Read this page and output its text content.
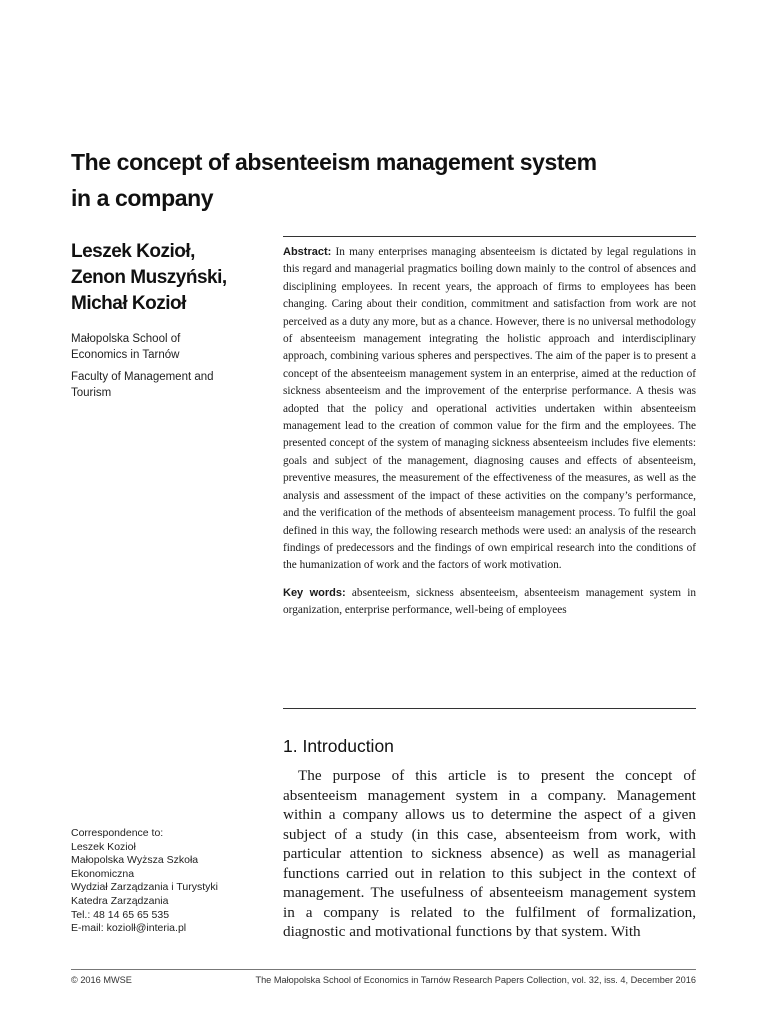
The concept of absenteeism management system
in a company
Leszek Kozioł,
Zenon Muszyński,
Michał Kozioł
Małopolska School of
Economics in Tarnów
Faculty of Management and
Tourism
Abstract: In many enterprises managing absenteeism is dictated by legal regulations in this regard and managerial pragmatics boiling down mainly to the control of absences and disciplining employees. In recent years, the approach of firms to employees has been changing. Caring about their condition, commitment and satisfaction from work are not perceived as a duty any more, but as a chance. However, there is no universal methodology of absenteeism management integrating the holistic approach and interdisciplinary approach, combining various spheres and perspectives. The aim of the paper is to present a concept of the absenteeism management system in an enterprise, aimed at the reduction of sickness absenteeism and the improvement of the enterprise performance. A thesis was adopted that the policy and operational activities undertaken within absenteeism management lead to the creation of common value for the firm and the employees. The presented concept of the system of managing sickness absenteeism includes five elements: goals and subject of the management, diagnosing causes and effects of absenteeism, preventive measures, the measurement of the effectiveness of the measures, as well as the analysis and assessment of the impact of these activities on the company’s performance, and the verification of the methods of absenteeism management process. To fulfil the goal defined in this way, the following research methods were used: an analysis of the research findings of predecessors and the findings of own empirical research into the conditions of the humanization of work and the factors of work motivation.
Key words: absenteeism, sickness absenteeism, absenteeism management system in organization, enterprise performance, well-being of employees
1. Introduction

The purpose of this article is to present the concept of absenteeism management system in a company. Management within a company allows us to determine the aspect of a given subject of a study (in this case, absenteeism from work, with particular attention to sickness absence) as well as managerial functions carried out in relation to this subject in the context of management. The usefulness of absenteeism management system in a company is related to the fulfilment of formalization, diagnostic and motivational functions by that system. With

Correspondence to:
Leszek Kozioł
Małopolska Wyższa Szkoła
Ekonomiczna
Wydział Zarządzania i Turystyki
Katedra Zarządzania
Tel.: 48 14 65 65 535
E-mail: koziolł@interia.pl
© 2016 MWSE	The Małopolska School of Economics in Tarnów Research Papers Collection, vol. 32, iss. 4, December 2016
